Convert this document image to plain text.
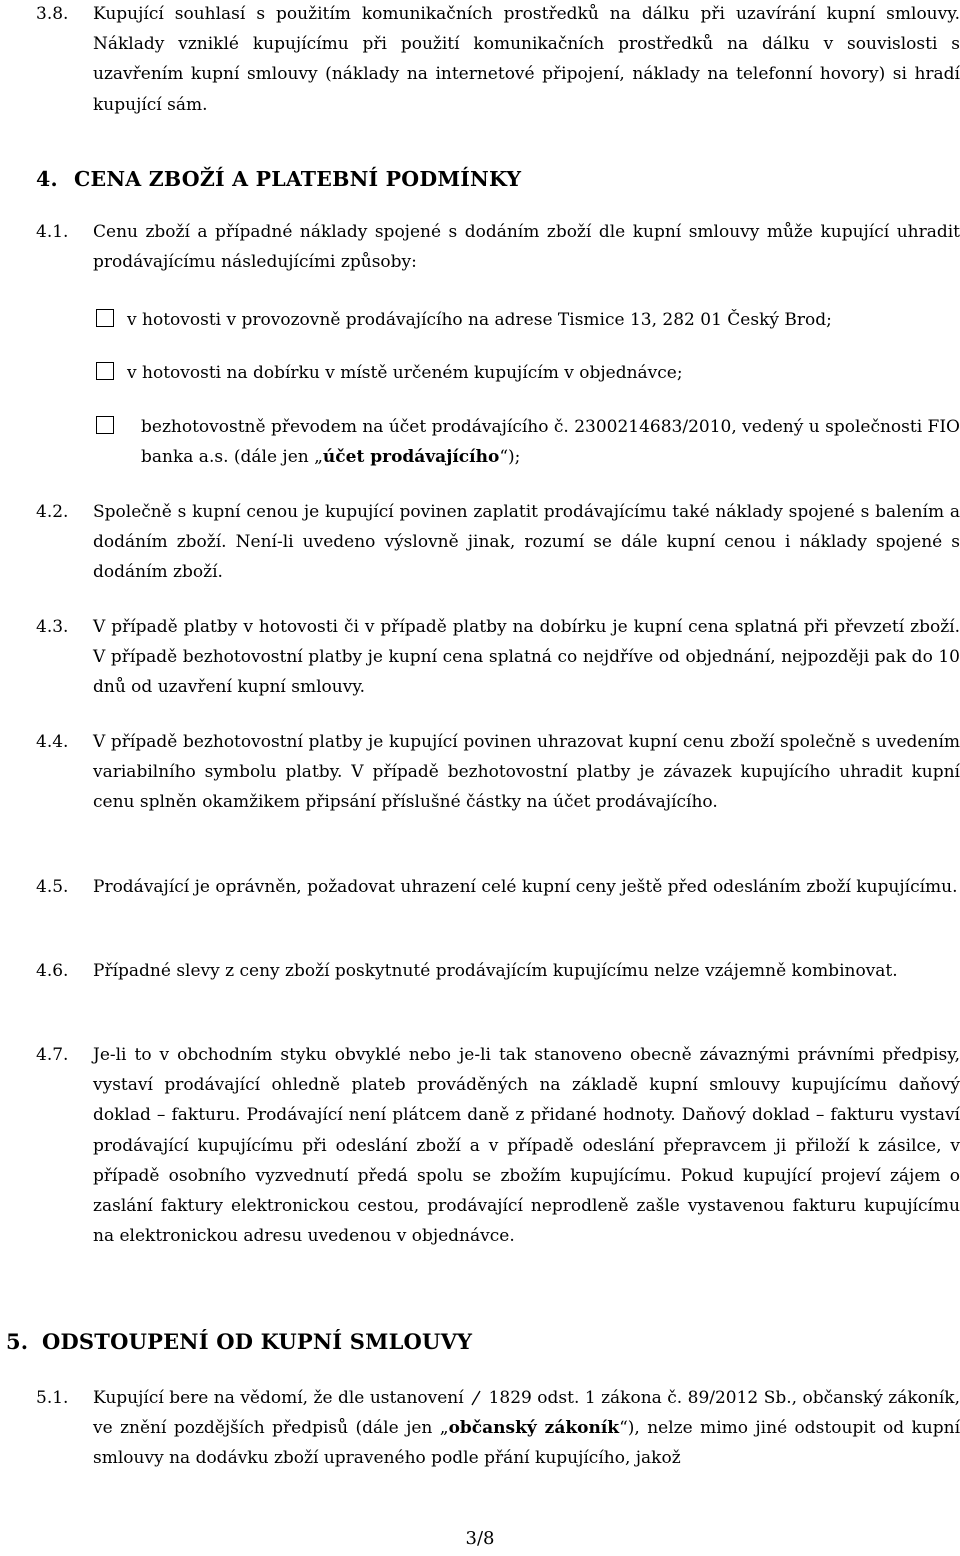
3.8. Kupující souhlasí s použitím komunikačních prostředků na dálku při uzavírání kupní smlouvy. Náklady vzniklé kupujícímu při použití komunikačních prostředků na dálku v souvislosti s uzavřením kupní smlouvy (náklady na internetové připojení, náklady na telefonní hovory) si hradí kupující sám.
4. CENA ZBOŽÍ A PLATEBNÍ PODMÍNKY
4.1. Cenu zboží a případné náklady spojené s dodáním zboží dle kupní smlouvy může kupující uhradit prodávajícímu následujícími způsoby:
v hotovosti v provozovně prodávajícího na adrese Tismice 13, 282 01 Český Brod;
v hotovosti na dobírku v místě určeném kupujícím v objednávce;
bezhotovostně převodem na účet prodávajícího č. 2300214683/2010, vedený u společnosti FIO banka a.s. (dále jen „účet prodávajícího“);
4.2. Společně s kupní cenou je kupující povinen zaplatit prodávajícímu také náklady spojené s balením a dodáním zboží. Není-li uvedeno výslovně jinak, rozumí se dále kupní cenou i náklady spojené s dodáním zboží.
4.3. V případě platby v hotovosti či v případě platby na dobírku je kupní cena splatná při převzetí zboží. V případě bezhotovostní platby je kupní cena splatná co nejdříve od objednání, nejpozději pak do 10 dnů od uzavření kupní smlouvy.
4.4. V případě bezhotovostní platby je kupující povinen uhrazovat kupní cenu zboží společně s uvedením variabilního symbolu platby. V případě bezhotovostní platby je závazek kupujícího uhradit kupní cenu splněn okamžikem připsání příslušné částky na účet prodávajícího.
4.5. Prodávající je oprávněn, požadovat uhrazení celé kupní ceny ještě před odesláním zboží kupujícímu.
4.6. Případné slevy z ceny zboží poskytnuté prodávajícím kupujícímu nelze vzájemně kombinovat.
4.7. Je-li to v obchodním styku obvyklé nebo je-li tak stanoveno obecně závaznými právními předpisy, vystaví prodávající ohledně plateb prováděných na základě kupní smlouvy kupujícímu daňový doklad – fakturu. Prodávající není plátcem daně z přidané hodnoty. Daňový doklad – fakturu vystaví prodávající kupujícímu při odeslání zboží a v případě odeslání přepravcem ji přiloží k zásilce, v případě osobního vyzvednutí předá spolu se zbožím kupujícímu. Pokud kupující projeví zájem o zaslání faktury elektronickou cestou, prodávající neprodleně zašle vystavenou fakturu kupujícímu na elektronickou adresu uvedenou v objednávce.
5. ODSTOUPENÍ OD KUPNÍ SMLOUVY
5.1. Kupující bere na vědomí, že dle ustanovení  1829 odst. 1 zákona č. 89/2012 Sb., občanský zákoník, ve znění pozdějších předpisů (dále jen „občanský zákoník“), nelze mimo jiné odstoupit od kupní smlouvy na dodávku zboží upraveného podle přání kupujícího, jakož
3/8
